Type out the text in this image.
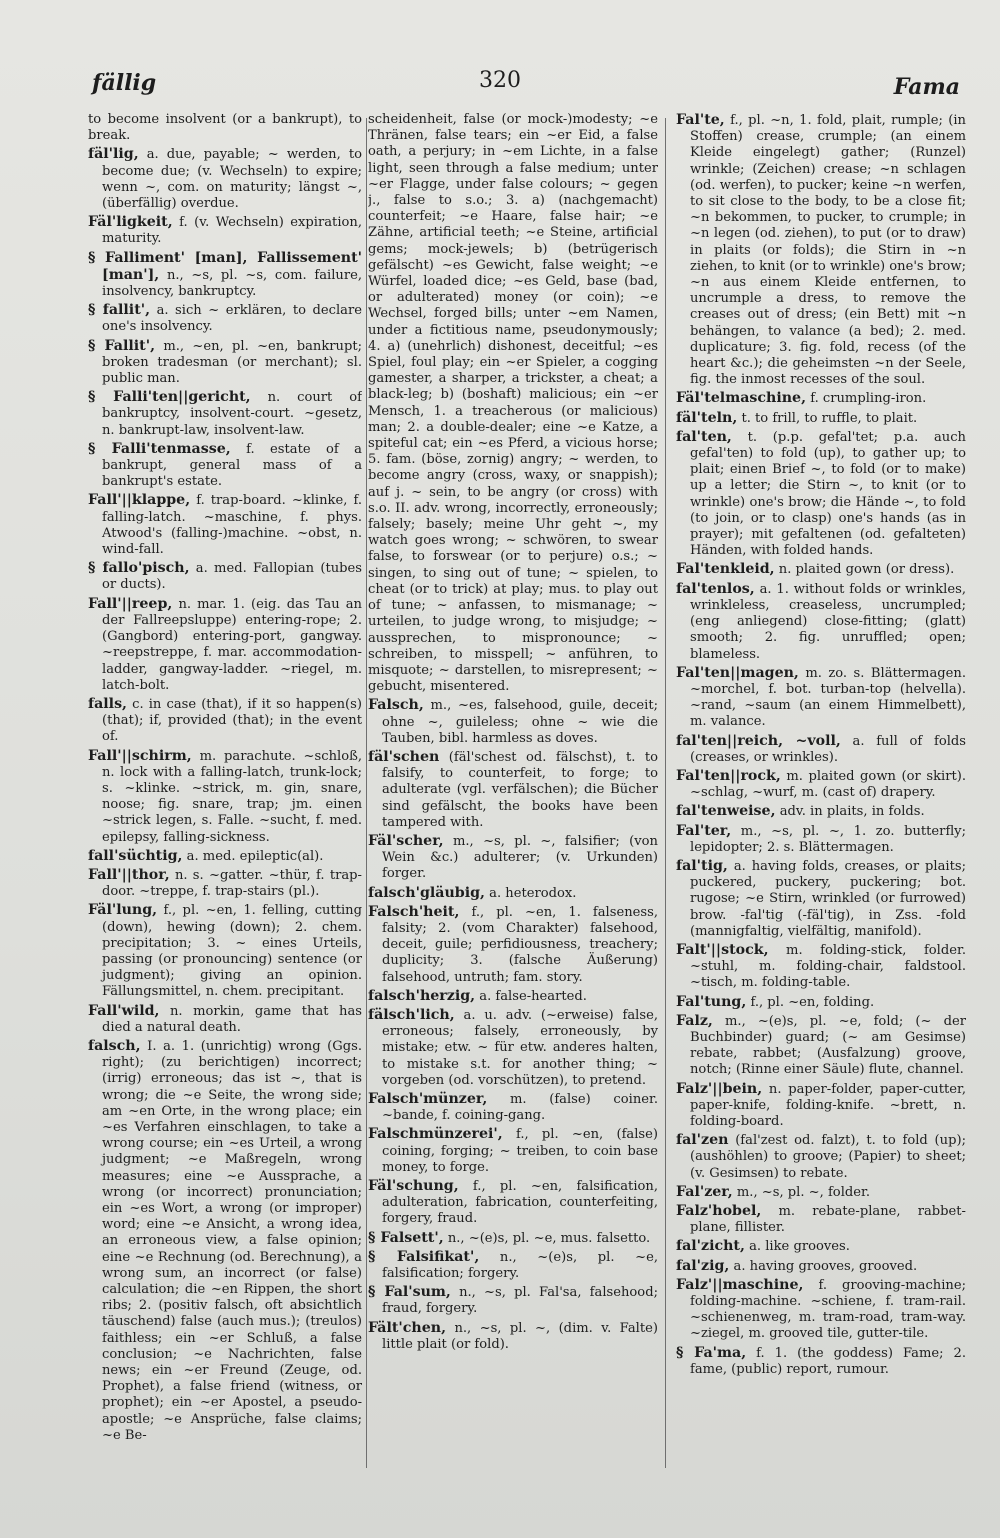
fällig	320	Fama

to become insolvent (or a bankrupt), to break.

fäl'lig, a. due, payable; ~ werden, to become due; (v. Wechseln) to expire; wenn ~, com. on maturity; längst ~, (überfällig) overdue.

Fäl'ligkeit, f. (v. Wechseln) expiration, maturity.

§ Falliment' [man], Fallissement' [man'], n., ~s, pl. ~s, com. failure, insolvency, bankruptcy.

§ fallit', a. sich ~ erklären, to declare one's insolvency.

§ Fallit', m., ~en, pl. ~en, bankrupt; broken tradesman (or merchant); sl. public man.

§ Falli'ten||gericht, n. court of bankruptcy, insolvent-court. ~gesetz, n. bankrupt-law, insolvent-law.

§ Falli'tenmasse, f. estate of a bankrupt, general mass of a bankrupt's estate.

Fall'||klappe, f. trap-board. ~klinke, f. falling-latch. ~maschine, f. phys. Atwood's (falling-)machine. ~obst, n. wind-fall.

§ fallo'pisch, a. med. Fallopian (tubes or ducts).

Fall'||reep, n. mar. 1. (eig. das Tau an der Fallreepsluppe) entering-rope; 2. (Gangbord) entering-port, gangway. ~reepstreppe, f. mar. accommodation-ladder, gangway-ladder. ~riegel, m. latch-bolt.

falls, c. in case (that), if it so happen(s) (that); if, provided (that); in the event of.

Fall'||schirm, m. parachute. ~schloß, n. lock with a falling-latch, trunk-lock; s. ~klinke. ~strick, m. gin, snare, noose; fig. snare, trap; jm. einen ~strick legen, s. Falle. ~sucht, f. med. epilepsy, falling-sickness.

fall'süchtig, a. med. epileptic(al).

Fall'||thor, n. s. ~gatter. ~thür, f. trap-door. ~treppe, f. trap-stairs (pl.).

Fäl'lung, f., pl. ~en, 1. felling, cutting (down), hewing (down); 2. chem. precipitation; 3. ~ eines Urteils, passing (or pronouncing) sentence (or judgment); giving an opinion. Fällungsmittel, n. chem. precipitant.

Fall'wild, n. morkin, game that has died a natural death.

falsch, I. a. 1. (unrichtig) wrong (Ggs. right); (zu berichtigen) incorrect; (irrig) erroneous; das ist ~, that is wrong; die ~e Seite, the wrong side; am ~en Orte, in the wrong place; ein ~es Verfahren einschlagen, to take a wrong course; ein ~es Urteil, a wrong judgment; ~e Maßregeln, wrong measures; eine ~e Aussprache, a wrong (or incorrect) pronunciation; ein ~es Wort, a wrong (or improper) word; eine ~e Ansicht, a wrong idea, an erroneous view, a false opinion; eine ~e Rechnung (od. Berechnung), a wrong sum, an incorrect (or false) calculation; die ~en Rippen, the short ribs; 2. (positiv falsch, oft absichtlich täuschend) false (auch mus.); (treulos) faithless; ein ~er Schluß, a false conclusion; ~e Nachrichten, false news; ein ~er Freund (Zeuge, od. Prophet), a false friend (witness, or prophet); ein ~er Apostel, a pseudo-apostle; ~e Ansprüche, false claims; ~e Be-

scheidenheit, false (or mock-)modesty; ~e Thränen, false tears; ein ~er Eid, a false oath, a perjury; in ~em Lichte, in a false light, seen through a false medium; unter ~er Flagge, under false colours; ~ gegen j., false to s.o.; 3. a) (nachgemacht) counterfeit; ~e Haare, false hair; ~e Zähne, artificial teeth; ~e Steine, artificial gems; mock-jewels; b) (betrügerisch gefälscht) ~es Gewicht, false weight; ~e Würfel, loaded dice; ~es Geld, base (bad, or adulterated) money (or coin); ~e Wechsel, forged bills; unter ~em Namen, under a fictitious name, pseudonymously; 4. a) (unehrlich) dishonest, deceitful; ~es Spiel, foul play; ein ~er Spieler, a cogging gamester, a sharper, a trickster, a cheat; a black-leg; b) (boshaft) malicious; ein ~er Mensch, 1. a treacherous (or malicious) man; 2. a double-dealer; eine ~e Katze, a spiteful cat; ein ~es Pferd, a vicious horse; 5. fam. (böse, zornig) angry; ~ werden, to become angry (cross, waxy, or snappish); auf j. ~ sein, to be angry (or cross) with s.o. II. adv. wrong, incorrectly, erroneously; falsely; basely; meine Uhr geht ~, my watch goes wrong; ~ schwören, to swear false, to forswear (or to perjure) o.s.; ~ singen, to sing out of tune; ~ spielen, to cheat (or to trick) at play; mus. to play out of tune; ~ anfassen, to mismanage; ~ urteilen, to judge wrong, to misjudge; ~ aussprechen, to mispronounce; ~ schreiben, to misspell; ~ anführen, to misquote; ~ darstellen, to misrepresent; ~ gebucht, misentered.

Falsch, m., ~es, falsehood, guile, deceit; ohne ~, guileless; ohne ~ wie die Tauben, bibl. harmless as doves.

fäl'schen (fäl'schest od. fälschst), t. to falsify, to counterfeit, to forge; to adulterate (vgl. verfälschen); die Bücher sind gefälscht, the books have been tampered with.

Fäl'scher, m., ~s, pl. ~, falsifier; (von Wein &c.) adulterer; (v. Urkunden) forger.

falsch'gläubig, a. heterodox.

Falsch'heit, f., pl. ~en, 1. falseness, falsity; 2. (vom Charakter) falsehood, deceit, guile; perfidiousness, treachery; duplicity; 3. (falsche Äußerung) falsehood, untruth; fam. story.

falsch'herzig, a. false-hearted.

fälsch'lich, a. u. adv. (~erweise) false, erroneous; falsely, erroneously, by mistake; etw. ~ für etw. anderes halten, to mistake s.t. for another thing; ~ vorgeben (od. vorschützen), to pretend.

Falsch'münzer, m. (false) coiner. ~bande, f. coining-gang.

Falschmünzerei', f., pl. ~en, (false) coining, forging; ~ treiben, to coin base money, to forge.

Fäl'schung, f., pl. ~en, falsification, adulteration, fabrication, counterfeiting, forgery, fraud.

§ Falsett', n., ~(e)s, pl. ~e, mus. falsetto.

§ Falsifikat', n., ~(e)s, pl. ~e, falsification; forgery.

§ Fal'sum, n., ~s, pl. Fal'sa, falsehood; fraud, forgery.

Fält'chen, n., ~s, pl. ~, (dim. v. Falte) little plait (or fold).

Fal'te, f., pl. ~n, 1. fold, plait, rumple; (in Stoffen) crease, crumple; (an einem Kleide eingelegt) gather; (Runzel) wrinkle; (Zeichen) crease; ~n schlagen (od. werfen), to pucker; keine ~n werfen, to sit close to the body, to be a close fit; ~n bekommen, to pucker, to crumple; in ~n legen (od. ziehen), to put (or to draw) in plaits (or folds); die Stirn in ~n ziehen, to knit (or to wrinkle) one's brow; ~n aus einem Kleide entfernen, to uncrumple a dress, to remove the creases out of dress; (ein Bett) mit ~n behängen, to valance (a bed); 2. med. duplicature; 3. fig. fold, recess (of the heart &c.); die geheimsten ~n der Seele, fig. the inmost recesses of the soul.

Fäl'telmaschine, f. crumpling-iron.

fäl'teln, t. to frill, to ruffle, to plait.

fal'ten, t. (p.p. gefal'tet; p.a. auch gefal'ten) to fold (up), to gather up; to plait; einen Brief ~, to fold (or to make) up a letter; die Stirn ~, to knit (or to wrinkle) one's brow; die Hände ~, to fold (to join, or to clasp) one's hands (as in prayer); mit gefaltenen (od. gefalteten) Händen, with folded hands.

Fal'tenkleid, n. plaited gown (or dress).

fal'tenlos, a. 1. without folds or wrinkles, wrinkleless, creaseless, uncrumpled; (eng anliegend) close-fitting; (glatt) smooth; 2. fig. unruffled; open; blameless.

Fal'ten||magen, m. zo. s. Blättermagen. ~morchel, f. bot. turban-top (helvella). ~rand, ~saum (an einem Himmelbett), m. valance.

fal'ten||reich, ~voll, a. full of folds (creases, or wrinkles).

Fal'ten||rock, m. plaited gown (or skirt). ~schlag, ~wurf, m. (cast of) drapery.

fal'tenweise, adv. in plaits, in folds.

Fal'ter, m., ~s, pl. ~, 1. zo. butterfly; lepidopter; 2. s. Blättermagen.

fal'tig, a. having folds, creases, or plaits; puckered, puckery, puckering; bot. rugose; ~e Stirn, wrinkled (or furrowed) brow. -fal'tig (-fäl'tig), in Zss. -fold (mannigfaltig, vielfältig, manifold).

Falt'||stock, m. folding-stick, folder. ~stuhl, m. folding-chair, faldstool. ~tisch, m. folding-table.

Fal'tung, f., pl. ~en, folding.

Falz, m., ~(e)s, pl. ~e, fold; (~ der Buchbinder) guard; (~ am Gesimse) rebate, rabbet; (Ausfalzung) groove, notch; (Rinne einer Säule) flute, channel.

Falz'||bein, n. paper-folder, paper-cutter, paper-knife, folding-knife. ~brett, n. folding-board.

fal'zen (fal'zest od. falzt), t. to fold (up); (aushöhlen) to groove; (Papier) to sheet; (v. Gesimsen) to rebate.

Fal'zer, m., ~s, pl. ~, folder.

Falz'hobel, m. rebate-plane, rabbet-plane, fillister.

fal'zicht, a. like grooves.

fal'zig, a. having grooves, grooved.

Falz'||maschine, f. grooving-machine; folding-machine. ~schiene, f. tram-rail. ~schienenweg, m. tram-road, tram-way. ~ziegel, m. grooved tile, gutter-tile.

§ Fa'ma, f. 1. (the goddess) Fame; 2. fame, (public) report, rumour.
